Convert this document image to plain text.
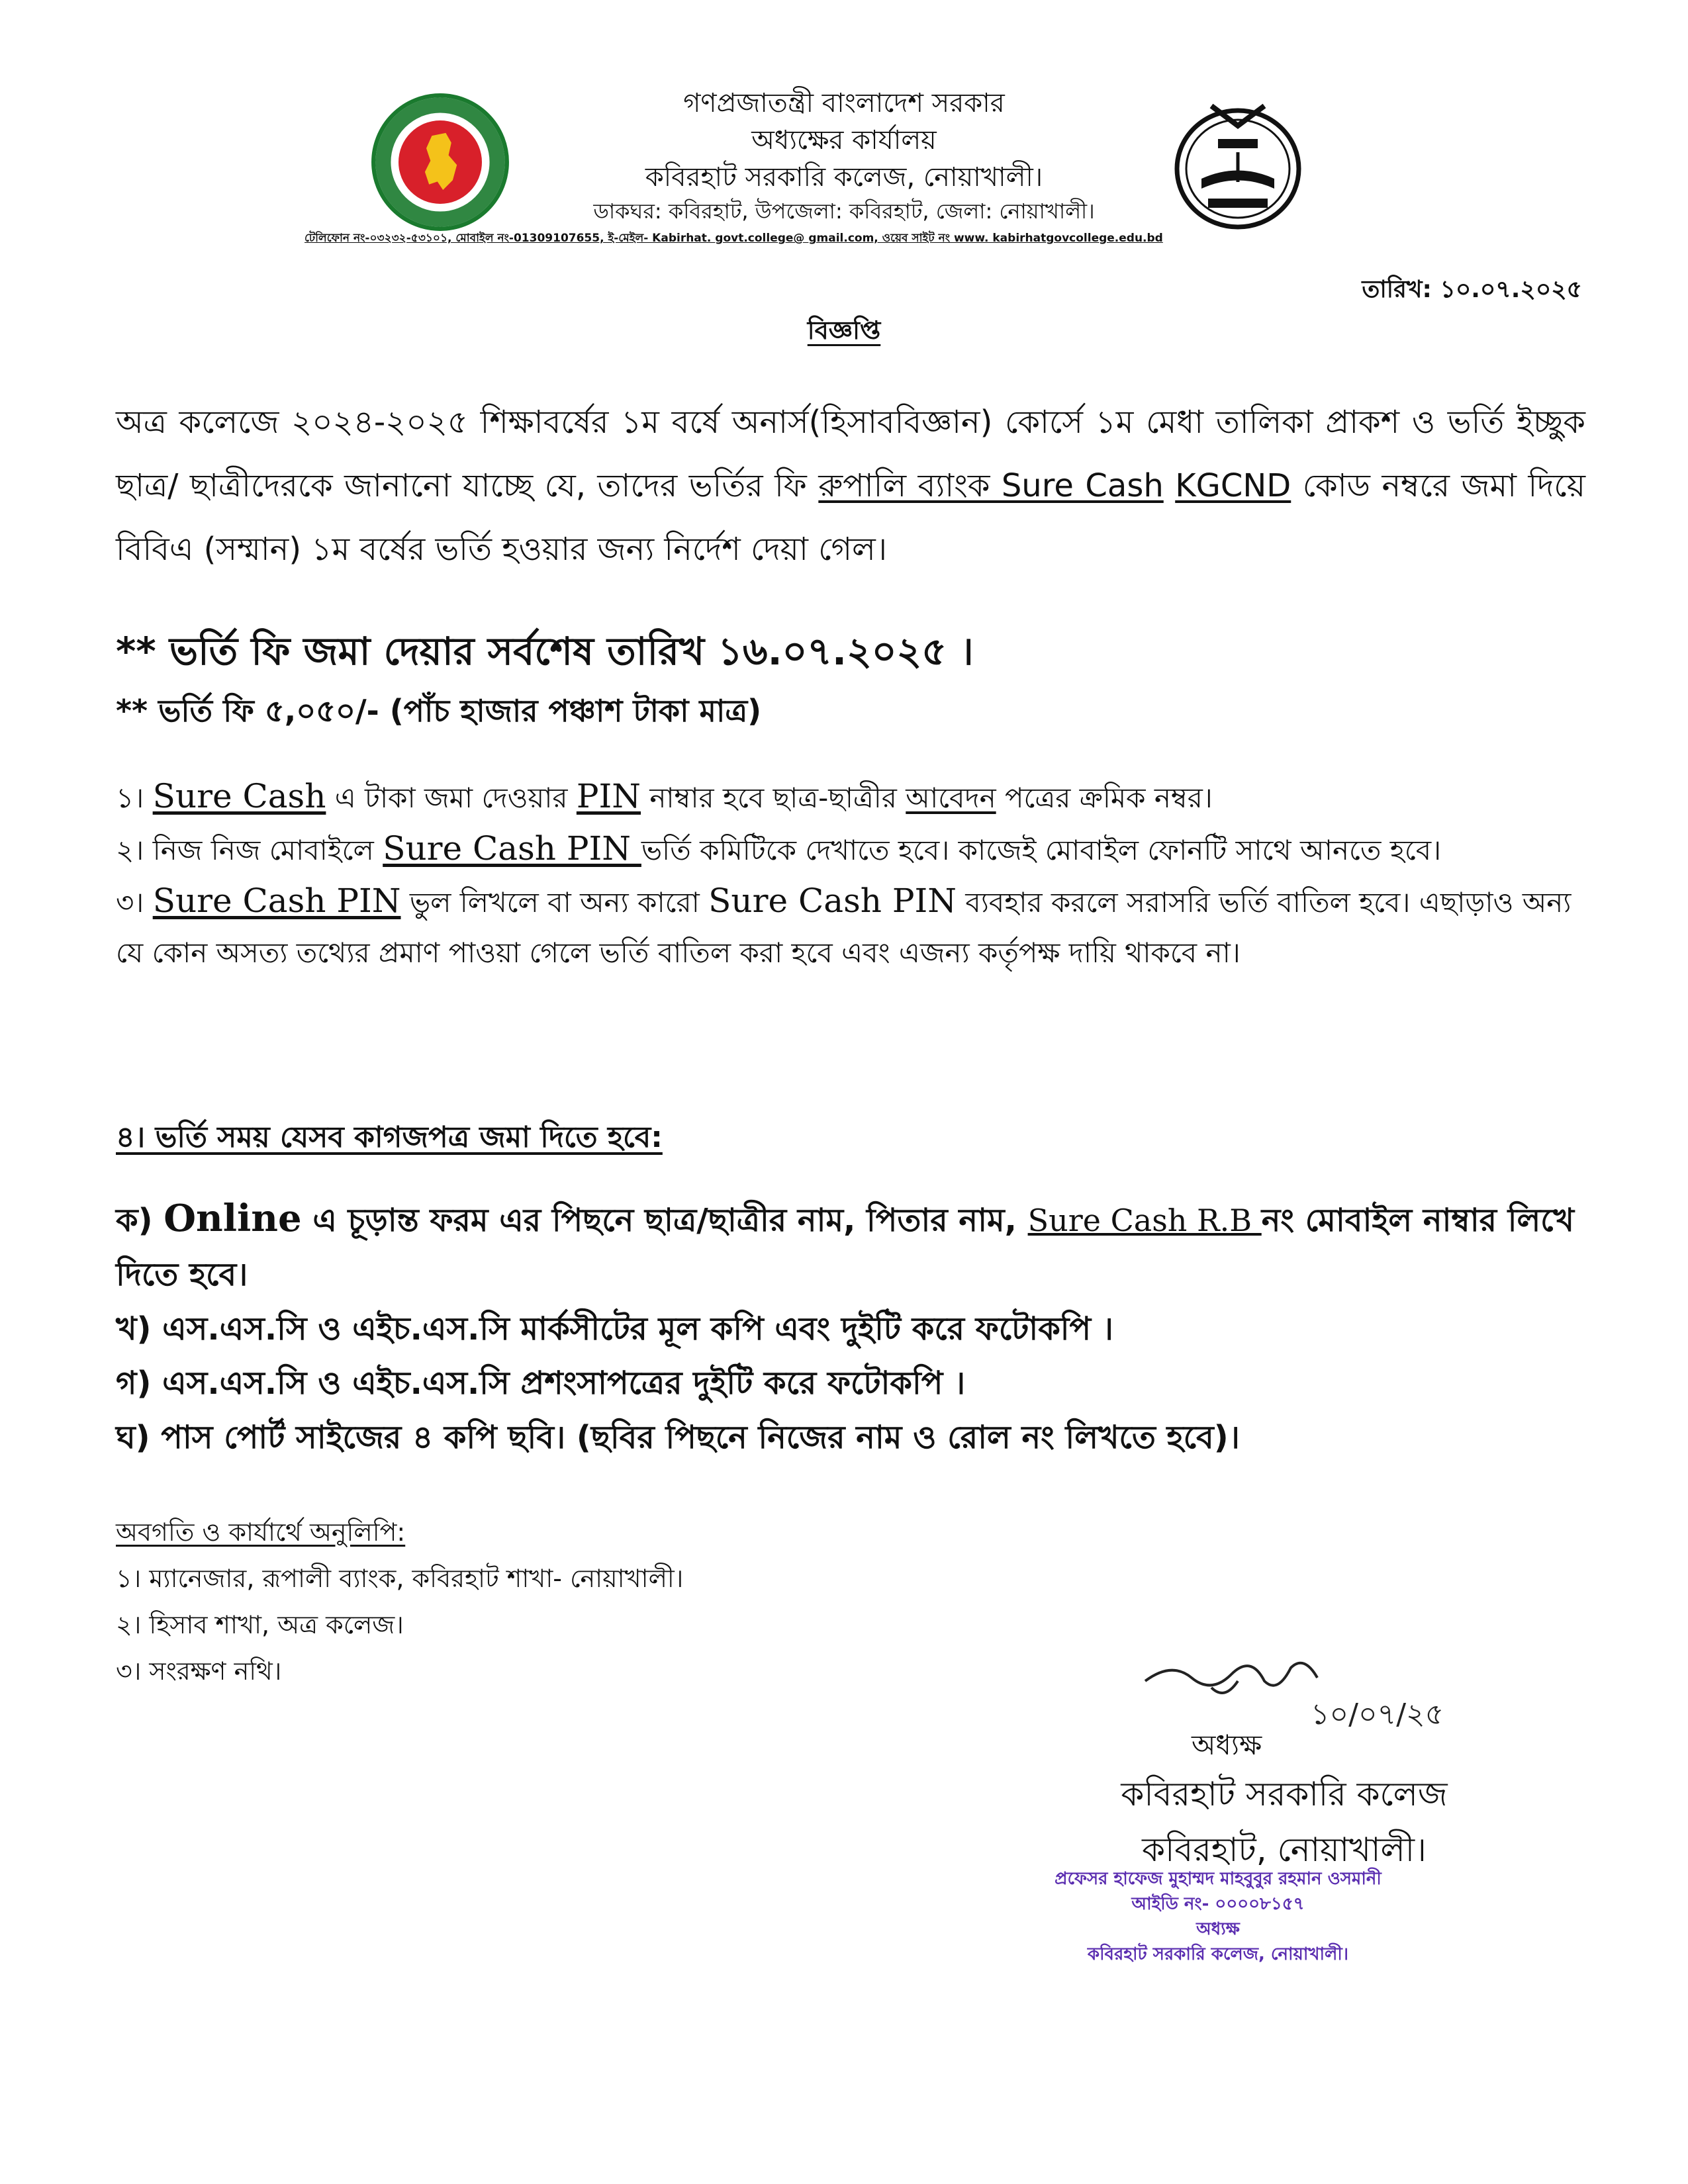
গণপ্রজাতন্ত্রী বাংলাদেশ সরকার
অধ্যক্ষের কার্যালয়
কবিরহাট সরকারি কলেজ, নোয়াখালী।
ডাকঘর: কবিরহাট, উপজেলা: কবিরহাট, জেলা: নোয়াখালী।
টেলিফোন নং-০৩২৩২-৫৩১০১, মোবাইল নং-01309107655, ই-মেইল- Kabirhat. govt.college@ gmail.com, ওয়েব সাইট নং www. kabirhatgovcollege.edu.bd
তারিখ: ১০.০৭.২০২৫
বিজ্ঞপ্তি
অত্র কলেজে ২০২৪-২০২৫ শিক্ষাবর্ষের ১ম বর্ষে অনার্স(হিসাববিজ্ঞান) কোর্সে ১ম মেধা তালিকা প্রাকশ ও ভর্তি ইচ্ছুক ছাত্র/ ছাত্রীদেরকে জানানো যাচ্ছে যে, তাদের ভর্তির ফি রুপালি ব্যাংক Sure Cash KGCND কোড নম্বরে জমা দিয়ে বিবিএ (সম্মান) ১ম বর্ষের ভর্তি হওয়ার জন্য নির্দেশ দেয়া গেল।
** ভর্তি ফি জমা দেয়ার সর্বশেষ তারিখ ১৬.০৭.২০২৫ ।
** ভর্তি ফি ৫,০৫০/- (পাঁচ হাজার পঞ্চাশ টাকা মাত্র)
১। Sure Cash এ টাকা জমা দেওয়ার PIN নাম্বার হবে ছাত্র-ছাত্রীর আবেদন পত্রের ক্রমিক নম্বর।
২। নিজ নিজ মোবাইলে Sure Cash PIN ভর্তি কমিটিকে দেখাতে হবে। কাজেই মোবাইল ফোনটি সাথে আনতে হবে।
৩। Sure Cash PIN ভুল লিখলে বা অন্য কারো Sure Cash PIN ব্যবহার করলে সরাসরি ভর্তি বাতিল হবে। এছাড়াও অন্য যে কোন অসত্য তথ্যের প্রমাণ পাওয়া গেলে ভর্তি বাতিল করা হবে এবং এজন্য কর্তৃপক্ষ দায়ি থাকবে না।
৪। ভর্তি সময় যেসব কাগজপত্র জমা দিতে হবে:
ক) Online এ চূড়ান্ত ফরম এর পিছনে ছাত্র/ছাত্রীর নাম, পিতার নাম, Sure Cash R.B নং মোবাইল নাম্বার লিখে দিতে হবে।
খ) এস.এস.সি ও এইচ.এস.সি মার্কসীটের মূল কপি এবং দুইটি করে ফটোকপি ।
গ) এস.এস.সি ও এইচ.এস.সি প্রশংসাপত্রের দুইটি করে ফটোকপি ।
ঘ) পাস পোর্ট সাইজের ৪ কপি ছবি। (ছবির পিছনে নিজের নাম ও রোল নং লিখতে হবে)।
অবগতি ও কার্যার্থে অনুলিপি:
১। ম্যানেজার, রূপালী ব্যাংক, কবিরহাট শাখা- নোয়াখালী।
২। হিসাব শাখা, অত্র কলেজ।
৩। সংরক্ষণ নথি।
১০/০৭/২৫
অধ্যক্ষ
কবিরহাট সরকারি কলেজ
কবিরহাট, নোয়াখালী।
প্রফেসর হাফেজ মুহাম্মদ মাহবুবুর রহমান ওসমানী
আইডি নং- ০০০০৮১৫৭
অধ্যক্ষ
কবিরহাট সরকারি কলেজ, নোয়াখালী।
